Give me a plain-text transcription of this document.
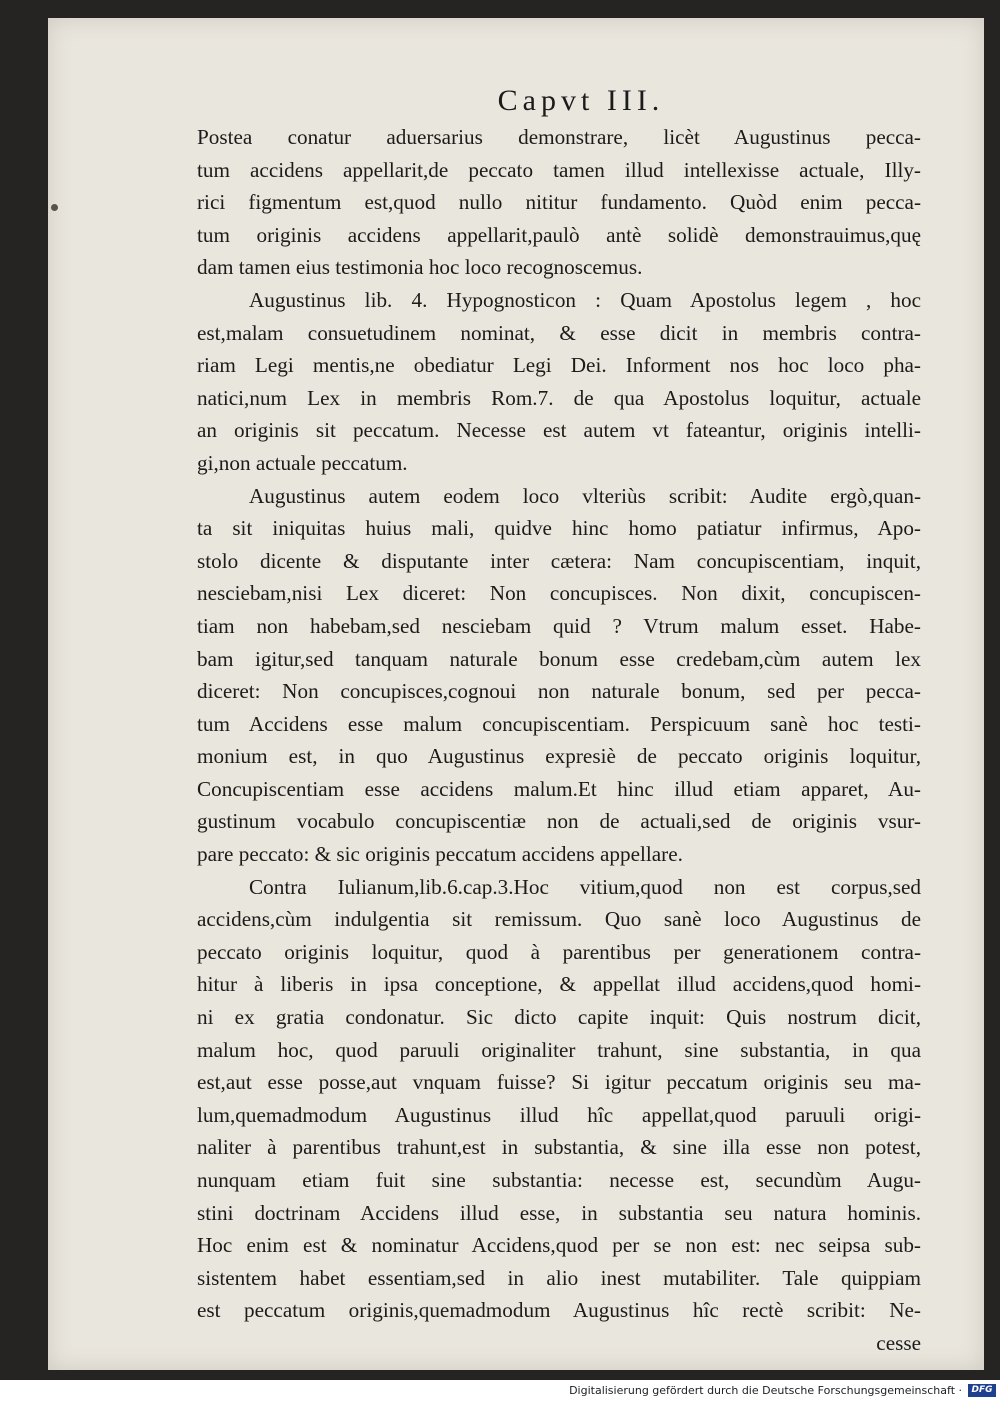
Capvt III.
Postea conatur aduersarius demonstrare, licèt Augustinus pecca-
tum accidens appellarit,de peccato tamen illud intellexisse actuale, Illy-
rici figmentum est,quod nullo nititur fundamento. Quòd enim pecca-
tum originis accidens appellarit,paulò antè solidè demonstrauimus,quę
dam tamen eius testimonia hoc loco recognoscemus.
Augustinus lib. 4. Hypognosticon : Quam Apostolus legem , hoc
est,malam consuetudinem nominat, & esse dicit in membris contra-
riam Legi mentis,ne obediatur Legi Dei. Informent nos hoc loco pha-
natici,num Lex in membris Rom.7. de qua Apostolus loquitur, actuale
an originis sit peccatum. Necesse est autem vt fateantur, originis intelli-
gi,non actuale peccatum.
Augustinus autem eodem loco vlteriùs scribit: Audite ergò,quan-
ta sit iniquitas huius mali, quidve hinc homo patiatur infirmus, Apo-
stolo dicente & disputante inter cætera: Nam concupiscentiam, inquit,
nesciebam,nisi Lex diceret: Non concupisces. Non dixit, concupiscen-
tiam non habebam,sed nesciebam quid ? Vtrum malum esset. Habe-
bam igitur,sed tanquam naturale bonum esse credebam,cùm autem lex
diceret: Non concupisces,cognoui non naturale bonum, sed per pecca-
tum Accidens esse malum concupiscentiam. Perspicuum sanè hoc testi-
monium est, in quo Augustinus expresiè de peccato originis loquitur,
Concupiscentiam esse accidens malum.Et hinc illud etiam apparet, Au-
gustinum vocabulo concupiscentiæ non de actuali,sed de originis vsur-
pare peccato: & sic originis peccatum accidens appellare.
Contra Iulianum,lib.6.cap.3.Hoc vitium,quod non est corpus,sed
accidens,cùm indulgentia sit remissum. Quo sanè loco Augustinus de
peccato originis loquitur, quod à parentibus per generationem contra-
hitur à liberis in ipsa conceptione, & appellat illud accidens,quod homi-
ni ex gratia condonatur. Sic dicto capite inquit: Quis nostrum dicit,
malum hoc, quod paruuli originaliter trahunt, sine substantia, in qua
est,aut esse posse,aut vnquam fuisse? Si igitur peccatum originis seu ma-
lum,quemadmodum Augustinus illud hîc appellat,quod paruuli origi-
naliter à parentibus trahunt,est in substantia, & sine illa esse non potest,
nunquam etiam fuit sine substantia: necesse est, secundùm Augu-
stini doctrinam Accidens illud esse, in substantia seu natura hominis.
Hoc enim est & nominatur Accidens,quod per se non est: nec seipsa sub-
sistentem habet essentiam,sed in alio inest mutabiliter. Tale quippiam
est peccatum originis,quemadmodum Augustinus hîc rectè scribit: Ne-
cesse
Digitalisierung gefördert durch die Deutsche Forschungsgemeinschaft ·	DFG
